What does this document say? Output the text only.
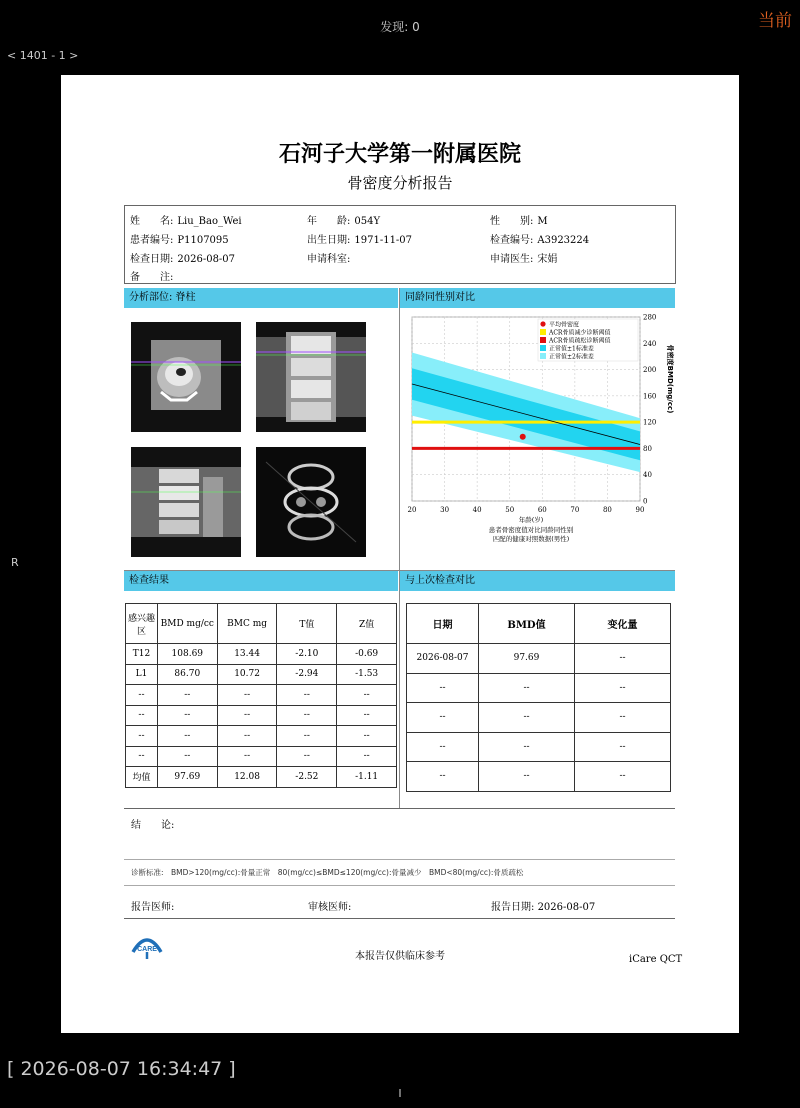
发现: 0	当前
< 1401 - 1 >
R
[ 2026-08-07 16:34:47 ]
I
石河子大学第一附属医院
骨密度分析报告
姓　　名: Liu_Bao_Wei	年　　龄: 054Y	性　　别: M
患者编号: P1107095	出生日期: 1971-11-07	检查编号: A3923224
检查日期: 2026-08-07	申请科室:	申请医生: 宋娟
备　　注:
分析部位: 脊柱	同龄同性别对比
20	30	40	50	60	70	80	90
0
40
80
120
160
200
240
280
年龄(岁)
骨密度BMD(mg/cc)
患者骨密度值对比同龄同性别
匹配的健康对照数据(男性)
平均骨密度
ACR骨质减少诊断阈值
ACR骨质疏松诊断阈值
正常值±1标准差
正常值±2标准差
检查结果	与上次检查对比
感兴趣区	BMD mg/cc	BMC mg	T值	Z值
T12	108.69	13.44	-2.10	-0.69
L1	86.70	10.72	-2.94	-1.53
--	--	--	--	--
--	--	--	--	--
--	--	--	--	--
--	--	--	--	--
均值	97.69	12.08	-2.52	-1.11
日期	BMD值	变化量
2026-08-07	97.69	--
--	--	--
--	--	--
--	--	--
--	--	--
结　　论:
诊断标准:　BMD>120(mg/cc):骨量正常　80(mg/cc)≤BMD≤120(mg/cc):骨量减少　BMD<80(mg/cc):骨质疏松
报告医师:	审核医师:	报告日期: 2026-08-07
CARE
本报告仅供临床参考	iCare QCT
